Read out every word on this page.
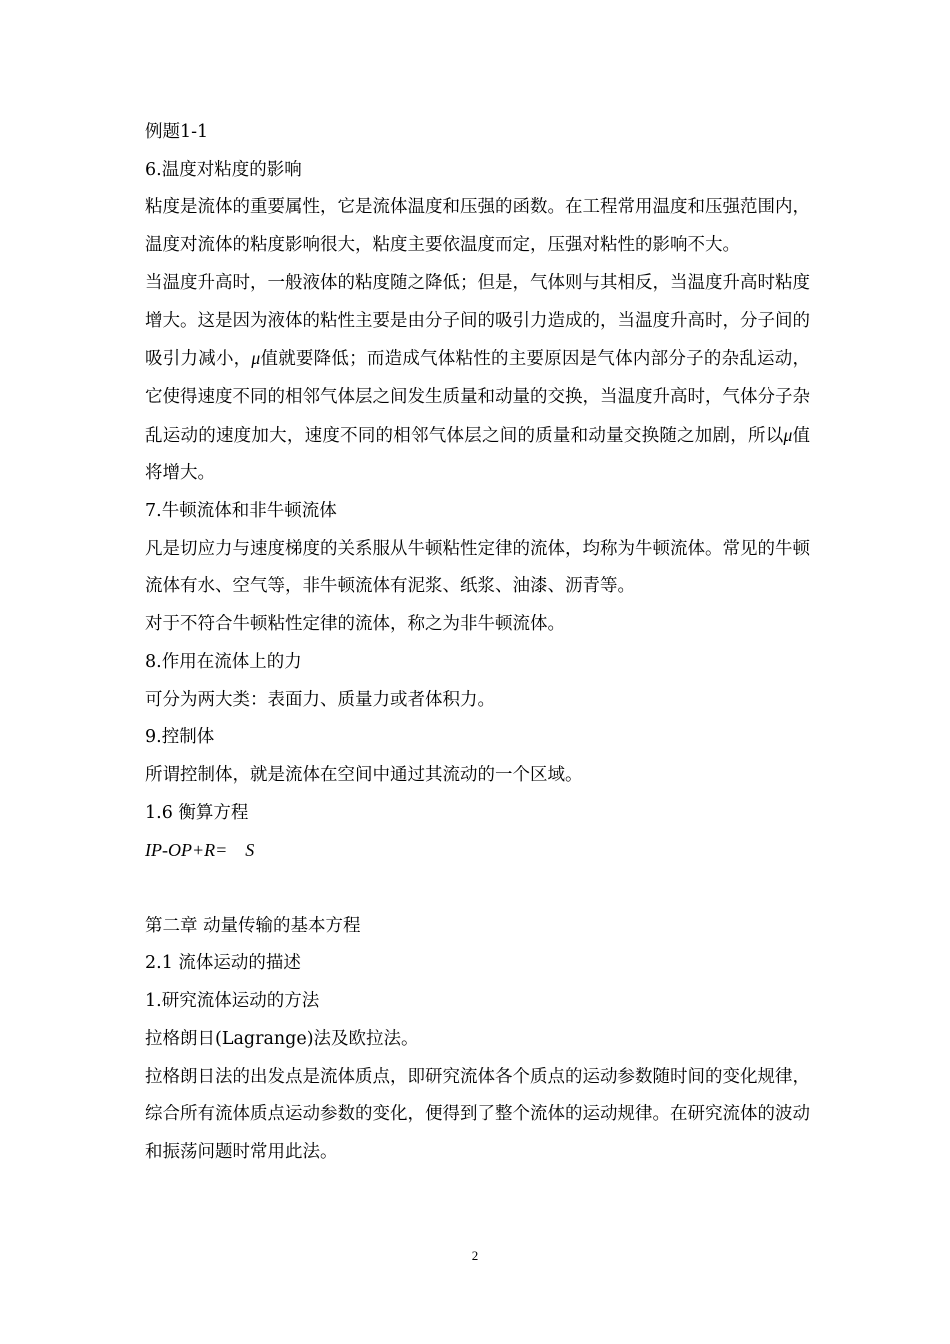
例题1-1
6.温度对粘度的影响

粘度是流体的重要属性，它是流体温度和压强的函数。在工程常用温度和压强范围内，温度对流体的粘度影响很大，粘度主要依温度而定，压强对粘性的影响不大。

当温度升高时，一般液体的粘度随之降低；但是，气体则与其相反，当温度升高时粘度增大。这是因为液体的粘性主要是由分子间的吸引力造成的，当温度升高时，分子间的吸引力减小，μ值就要降低；而造成气体粘性的主要原因是气体内部分子的杂乱运动，它使得速度不同的相邻气体层之间发生质量和动量的交换，当温度升高时，气体分子杂乱运动的速度加大，速度不同的相邻气体层之间的质量和动量交换随之加剧，所以μ值将增大。

7.牛顿流体和非牛顿流体

凡是切应力与速度梯度的关系服从牛顿粘性定律的流体，均称为牛顿流体。常见的牛顿流体有水、空气等，非牛顿流体有泥浆、纸浆、油漆、沥青等。

对于不符合牛顿粘性定律的流体，称之为非牛顿流体。

8.作用在流体上的力

可分为两大类：表面力、质量力或者体积力。

9.控制体

所谓控制体，就是流体在空间中通过其流动的一个区域。

1.6 衡算方程

IP-OP+R= S

第二章 动量传输的基本方程
2.1 流体运动的描述
1.研究流体运动的方法

拉格朗日(Lagrange)法及欧拉法。

拉格朗日法的出发点是流体质点，即研究流体各个质点的运动参数随时间的变化规律，综合所有流体质点运动参数的变化，便得到了整个流体的运动规律。在研究流体的波动和振荡问题时常用此法。

2
